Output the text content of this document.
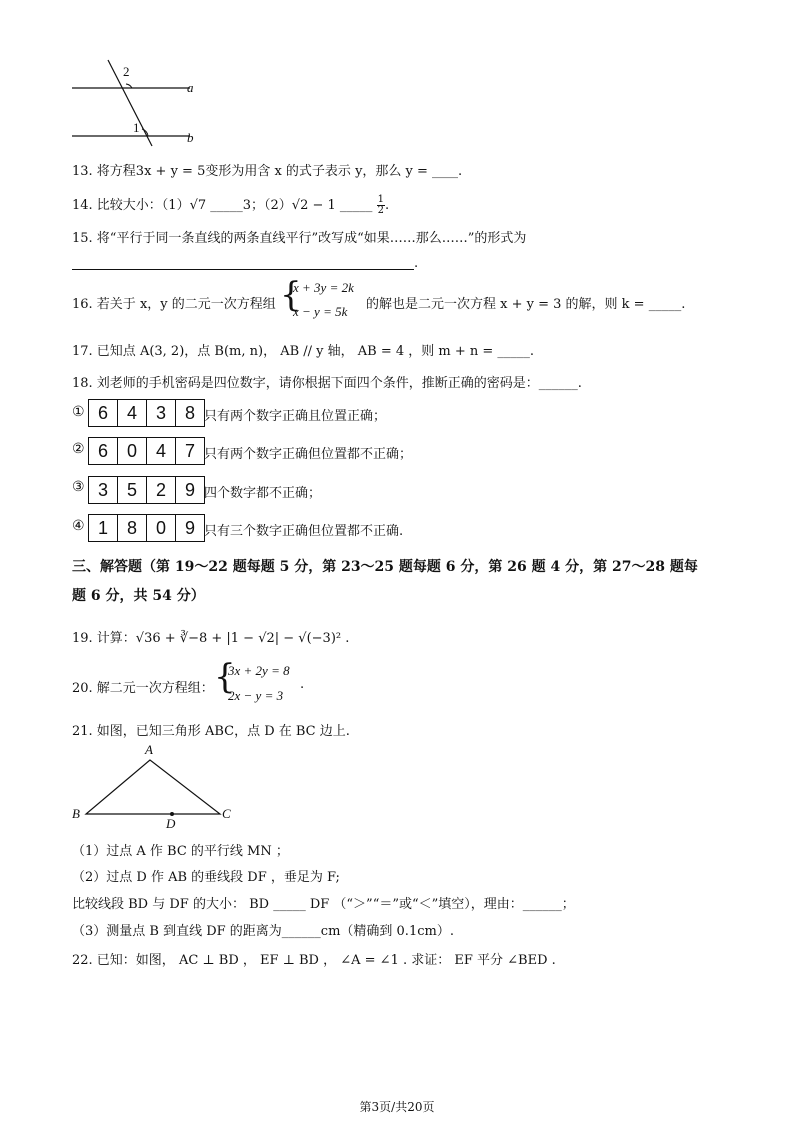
2
a
1
b
13. 将方程3x + y = 5变形为用含 x 的式子表示 y，那么 y = ____.
14. 比较大小：（1）√7 _____3；（2）√2 − 1 _____ $\frac{1}{2}$ .
15. 将“平行于同一条直线的两条直线平行”改写成“如果……那么……”的形式为
.
16. 若关于 x，y 的二元一次方程组 {
x + 3y = 2k
x − y = 5k 的解也是二元一次方程 x + y = 3 的解，则 k = _____.
17. 已知点 A(3, 2)，点 B(m, n)， AB // y 轴， AB = 4 ，则 m + n = _____.
18. 刘老师的手机密码是四位数字，请你根据下面四个条件，推断正确的密码是：______.
① 6	4	3	8 只有两个数字正确且位置正确；
② 6	0	4	7 只有两个数字正确但位置都不正确；
③ 3	5	2	9 四个数字都不正确；
④ 1	8	0	9 只有三个数字正确但位置都不正确.
三、解答题（第 19～22 题每题 5 分，第 23～25 题每题 6 分，第 26 题 4 分，第 27～28 题每
题 6 分，共 54 分）
19. 计算：√36 + ∛−8 + |1 − √2| − √(−3)² .
20. 解二元一次方程组： {
3x + 2y = 8
2x − y = 3
.
21. 如图，已知三角形 ABC，点 D 在 BC 边上.
A
B	C
D
（1）过点 A 作 BC 的平行线 MN ；
（2）过点 D 作 AB 的垂线段 DF ，垂足为 F;
比较线段 BD 与 DF 的大小： BD _____ DF （“＞”“＝”或“＜”填空），理由：______；
（3）测量点 B 到直线 DF 的距离为______cm（精确到 0.1cm）.
22. 已知：如图， AC ⊥ BD ， EF ⊥ BD ， ∠A = ∠1 . 求证： EF 平分 ∠BED .
第3页/共20页
